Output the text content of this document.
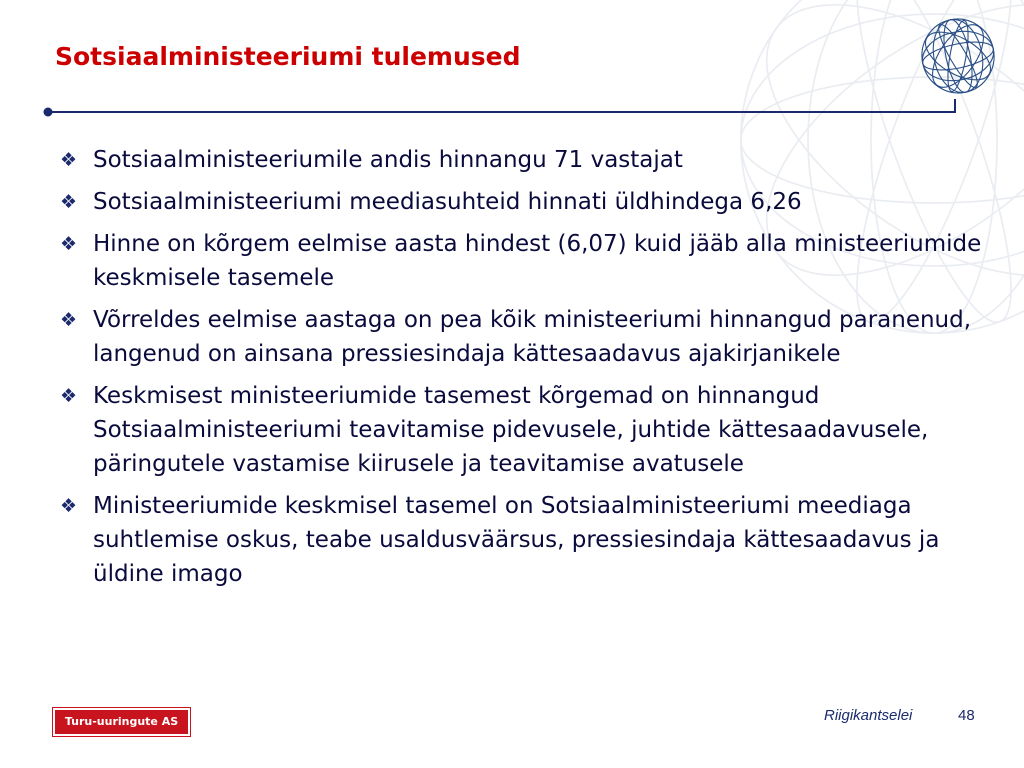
Sotsiaalministeeriumi tulemused
❖ Sotsiaalministeeriumile andis hinnangu 71 vastajat
❖ Sotsiaalministeeriumi meediasuhteid hinnati üldhindega 6,26
❖ Hinne on kõrgem eelmise aasta hindest (6,07) kuid jääb alla ministeeriumide keskmisele tasemele
❖ Võrreldes eelmise aastaga on pea kõik ministeeriumi hinnangud paranenud, langenud on ainsana pressiesindaja kättesaadavus ajakirjanikele
❖ Keskmisest ministeeriumide tasemest kõrgemad on hinnangud Sotsiaalministeeriumi teavitamise pidevusele, juhtide kättesaadavusele, päringutele vastamise kiirusele ja teavitamise avatusele
❖ Ministeeriumide keskmisel tasemel on Sotsiaalministeeriumi meediaga suhtlemise oskus, teabe usaldusväärsus, pressiesindaja kättesaadavus ja üldine imago
Turu-uuringute AS	Riigikantselei	48
